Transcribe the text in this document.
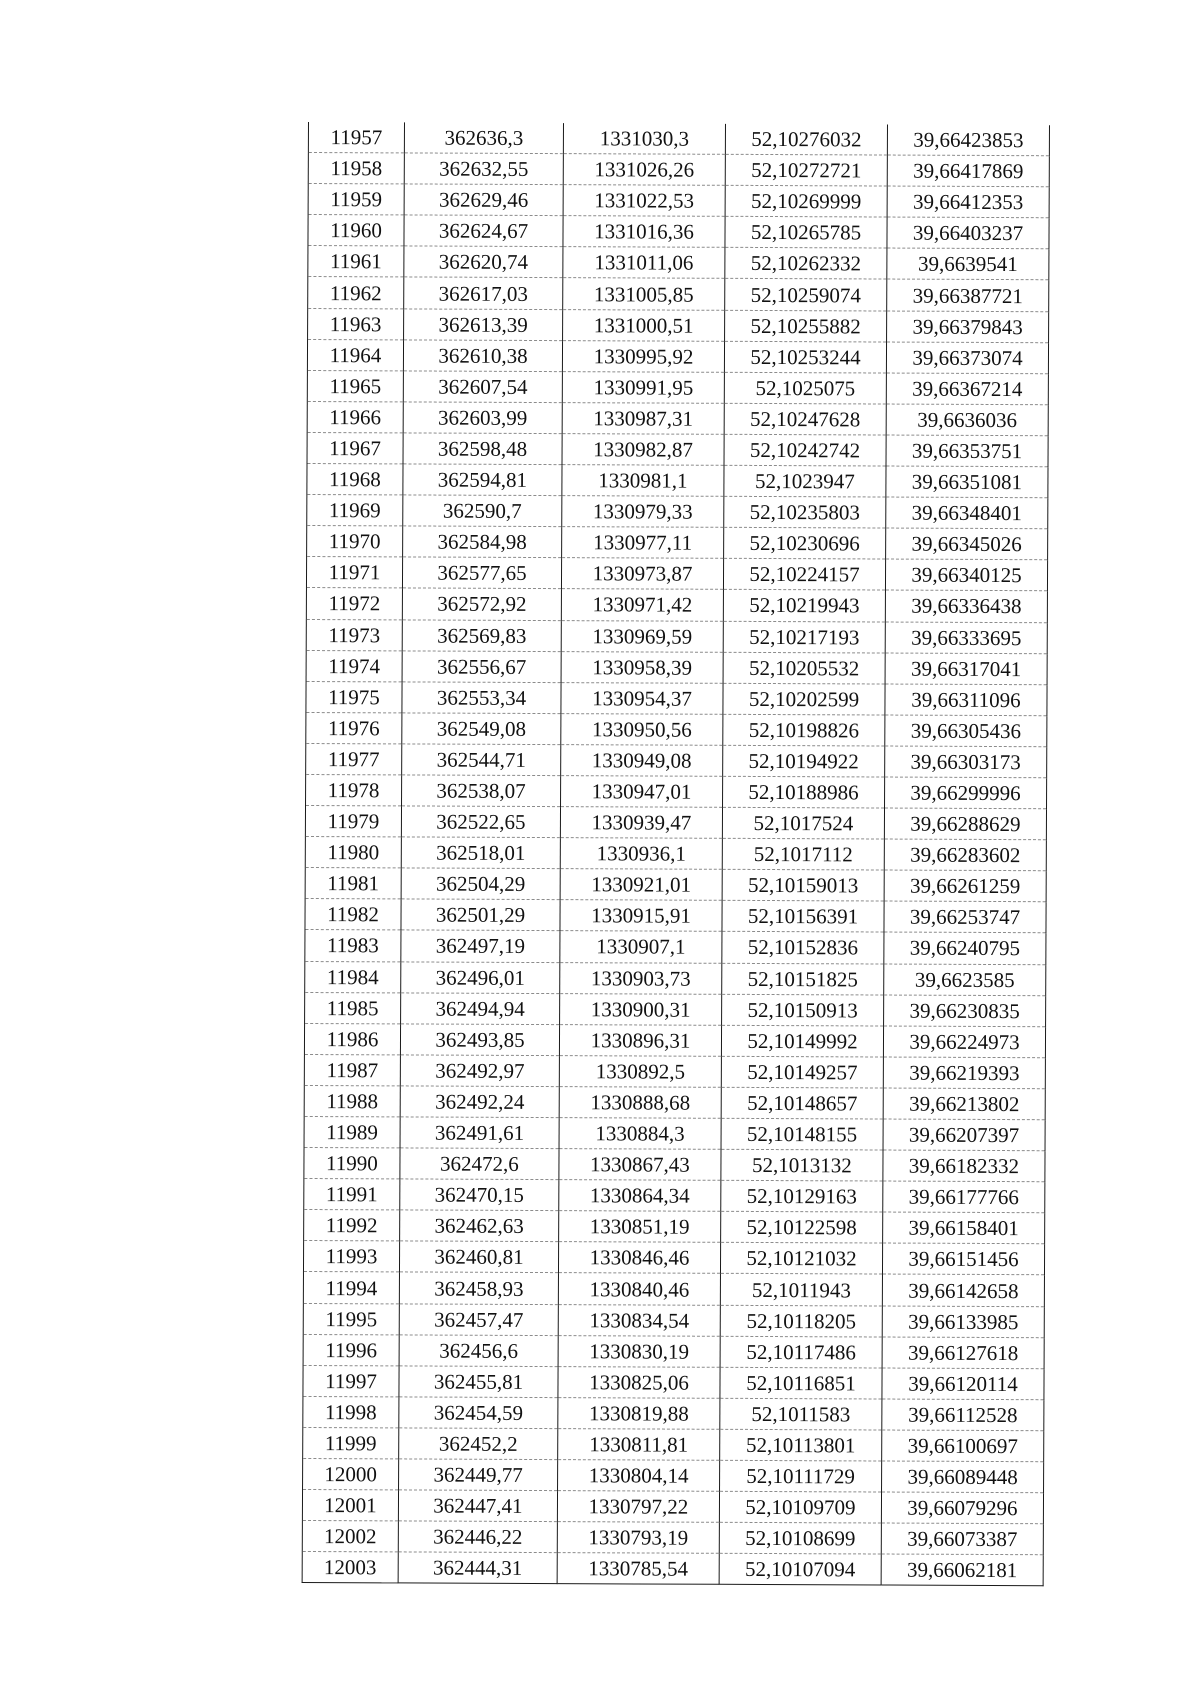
11957	362636,3	1331030,3	52,10276032	39,66423853
11958	362632,55	1331026,26	52,10272721	39,66417869
11959	362629,46	1331022,53	52,10269999	39,66412353
11960	362624,67	1331016,36	52,10265785	39,66403237
11961	362620,74	1331011,06	52,10262332	39,6639541
11962	362617,03	1331005,85	52,10259074	39,66387721
11963	362613,39	1331000,51	52,10255882	39,66379843
11964	362610,38	1330995,92	52,10253244	39,66373074
11965	362607,54	1330991,95	52,1025075	39,66367214
11966	362603,99	1330987,31	52,10247628	39,6636036
11967	362598,48	1330982,87	52,10242742	39,66353751
11968	362594,81	1330981,1	52,1023947	39,66351081
11969	362590,7	1330979,33	52,10235803	39,66348401
11970	362584,98	1330977,11	52,10230696	39,66345026
11971	362577,65	1330973,87	52,10224157	39,66340125
11972	362572,92	1330971,42	52,10219943	39,66336438
11973	362569,83	1330969,59	52,10217193	39,66333695
11974	362556,67	1330958,39	52,10205532	39,66317041
11975	362553,34	1330954,37	52,10202599	39,66311096
11976	362549,08	1330950,56	52,10198826	39,66305436
11977	362544,71	1330949,08	52,10194922	39,66303173
11978	362538,07	1330947,01	52,10188986	39,66299996
11979	362522,65	1330939,47	52,1017524	39,66288629
11980	362518,01	1330936,1	52,1017112	39,66283602
11981	362504,29	1330921,01	52,10159013	39,66261259
11982	362501,29	1330915,91	52,10156391	39,66253747
11983	362497,19	1330907,1	52,10152836	39,66240795
11984	362496,01	1330903,73	52,10151825	39,6623585
11985	362494,94	1330900,31	52,10150913	39,66230835
11986	362493,85	1330896,31	52,10149992	39,66224973
11987	362492,97	1330892,5	52,10149257	39,66219393
11988	362492,24	1330888,68	52,10148657	39,66213802
11989	362491,61	1330884,3	52,10148155	39,66207397
11990	362472,6	1330867,43	52,1013132	39,66182332
11991	362470,15	1330864,34	52,10129163	39,66177766
11992	362462,63	1330851,19	52,10122598	39,66158401
11993	362460,81	1330846,46	52,10121032	39,66151456
11994	362458,93	1330840,46	52,1011943	39,66142658
11995	362457,47	1330834,54	52,10118205	39,66133985
11996	362456,6	1330830,19	52,10117486	39,66127618
11997	362455,81	1330825,06	52,10116851	39,66120114
11998	362454,59	1330819,88	52,1011583	39,66112528
11999	362452,2	1330811,81	52,10113801	39,66100697
12000	362449,77	1330804,14	52,10111729	39,66089448
12001	362447,41	1330797,22	52,10109709	39,66079296
12002	362446,22	1330793,19	52,10108699	39,66073387
12003	362444,31	1330785,54	52,10107094	39,66062181
